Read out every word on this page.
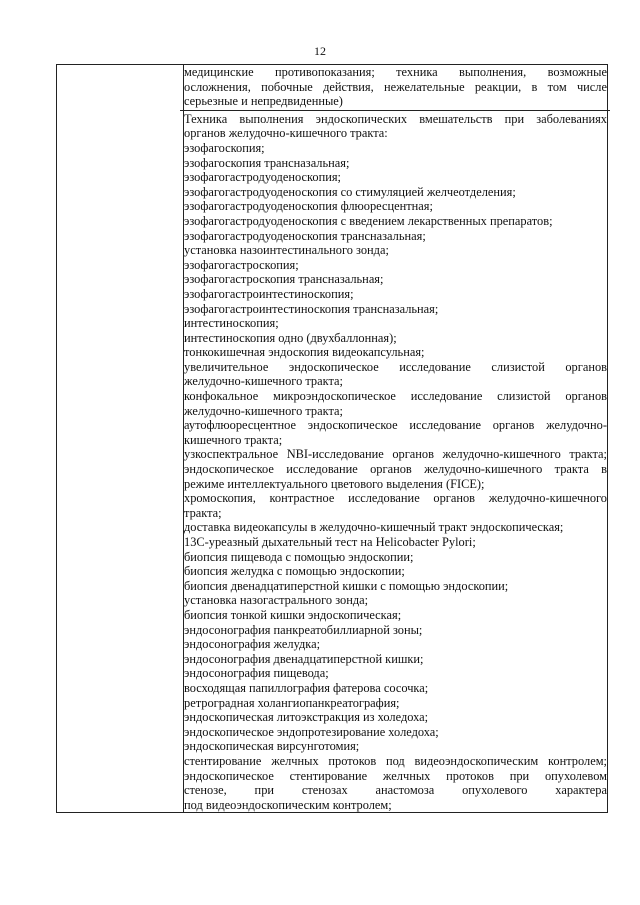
12

медицинские противопоказания; техника выполнения, возможные
осложнения, побочные действия, нежелательные реакции, в том числе
серьезные и непредвиденные)
Техника выполнения эндоскопических вмешательств при заболеваниях
органов желудочно-кишечного тракта:
эзофагоскопия;
эзофагоскопия трансназальная;
эзофагогастродуоденоскопия;
эзофагогастродуоденоскопия со стимуляцией желчеотделения;
эзофагогастродуоденоскопия флюоресцентная;
эзофагогастродуоденоскопия с введением лекарственных препаратов;
эзофагогастродуоденоскопия трансназальная;
установка назоинтестинального зонда;
эзофагогастроскопия;
эзофагогастроскопия трансназальная;
эзофагогастроинтестиноскопия;
эзофагогастроинтестиноскопия трансназальная;
интестиноскопия;
интестиноскопия одно (двухбаллонная);
тонкокишечная эндоскопия видеокапсульная;
увеличительное эндоскопическое исследование слизистой органов
желудочно-кишечного тракта;
конфокальное микроэндоскопическое исследование слизистой органов
желудочно-кишечного тракта;
аутофлюоресцентное эндоскопическое исследование органов желудочно-
кишечного тракта;
узкоспектральное NBI-исследование органов желудочно-кишечного тракта;
эндоскопическое исследование органов желудочно-кишечного тракта в
режиме интеллектуального цветового выделения (FICE);
хромоскопия, контрастное исследование органов желудочно-кишечного
тракта;
доставка видеокапсулы в желудочно-кишечный тракт эндоскопическая;
13С-уреазный дыхательный тест на Helicobacter Pylori;
биопсия пищевода с помощью эндоскопии;
биопсия желудка с помощью эндоскопии;
биопсия двенадцатиперстной кишки с помощью эндоскопии;
установка назогастрального зонда;
биопсия тонкой кишки эндоскопическая;
эндосонография панкреатобиллиарной зоны;
эндосонография желудка;
эндосонография двенадцатиперстной кишки;
эндосонография пищевода;
восходящая папиллография фатерова сосочка;
ретроградная холангиопанкреатография;
эндоскопическая литоэкстракция из холедоха;
эндоскопическое эндопротезирование холедоха;
эндоскопическая вирсунготомия;
стентирование желчных протоков под видеоэндоскопическим контролем;
эндоскопическое стентирование желчных протоков при опухолевом
стенозе, при стенозах анастомоза опухолевого характера
под видеоэндоскопическим контролем;
